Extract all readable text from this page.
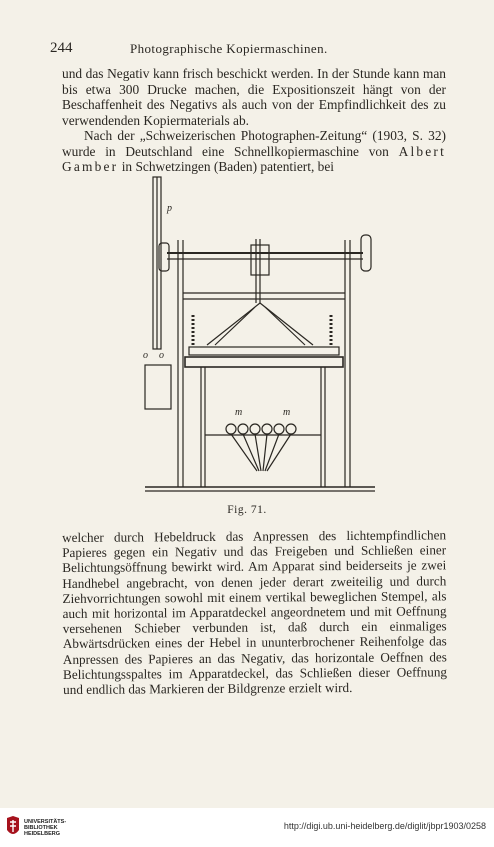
244	Photographische Kopiermaschinen.

und das Negativ kann frisch beschickt werden. In der Stunde kann man bis etwa 300 Drucke machen, die Expositionszeit hängt von der Beschaffenheit des Negativs als auch von der Empfindlichkeit des zu verwendenden Kopiermaterials ab.

Nach der „Schweizerischen Photographen-Zeitung“ (1903, S. 32) wurde in Deutschland eine Schnellkopiermaschine von Albert Gamber in Schwetzingen (Baden) patentiert, bei

p
o o
m	m
Fig. 71.

welcher durch Hebeldruck das Anpressen des lichtempfindlichen Papieres gegen ein Negativ und das Freigeben und Schließen einer Belichtungsöffnung bewirkt wird. Am Apparat sind beiderseits je zwei Handhebel angebracht, von denen jeder derart zweiteilig und durch Ziehvorrichtungen sowohl mit einem vertikal beweglichen Stempel, als auch mit horizontal im Apparatdeckel angeordnetem und mit Oeffnung versehenen Schieber verbunden ist, daß durch ein einmaliges Abwärtsdrücken eines der Hebel in ununterbrochener Reihenfolge das Anpressen des Papieres an das Negativ, das horizontale Oeffnen des Belichtungsspaltes im Apparatdeckel, das Schließen dieser Oeffnung und endlich das Markieren der Bildgrenze erzielt wird.

UNIVERSITÄTS-
BIBLIOTHEK
HEIDELBERG
http://digi.ub.uni-heidelberg.de/diglit/jbpr1903/0258
